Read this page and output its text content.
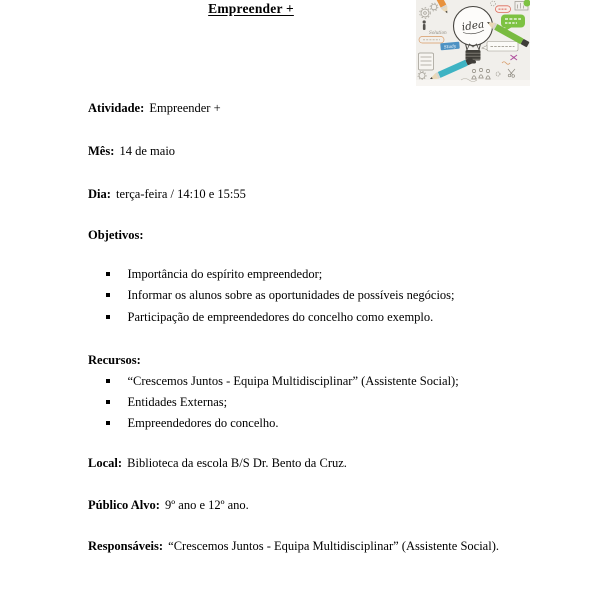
Empreender +
Solution
Study
idea

Atividade: Empreender +

Mês: 14 de maio

Dia: terça-feira / 14:10 e 15:55

Objetivos:

Importância do espírito empreendedor;
Informar os alunos sobre as oportunidades de possíveis negócios;
Participação de empreendedores do concelho como exemplo.

Recursos:

“Crescemos Juntos - Equipa Multidisciplinar” (Assistente Social);
Entidades Externas;
Empreendedores do concelho.

Local: Biblioteca da escola B/S Dr. Bento da Cruz.

Público Alvo: 9º ano e 12º ano.

Responsáveis: “Crescemos Juntos - Equipa Multidisciplinar” (Assistente Social).
